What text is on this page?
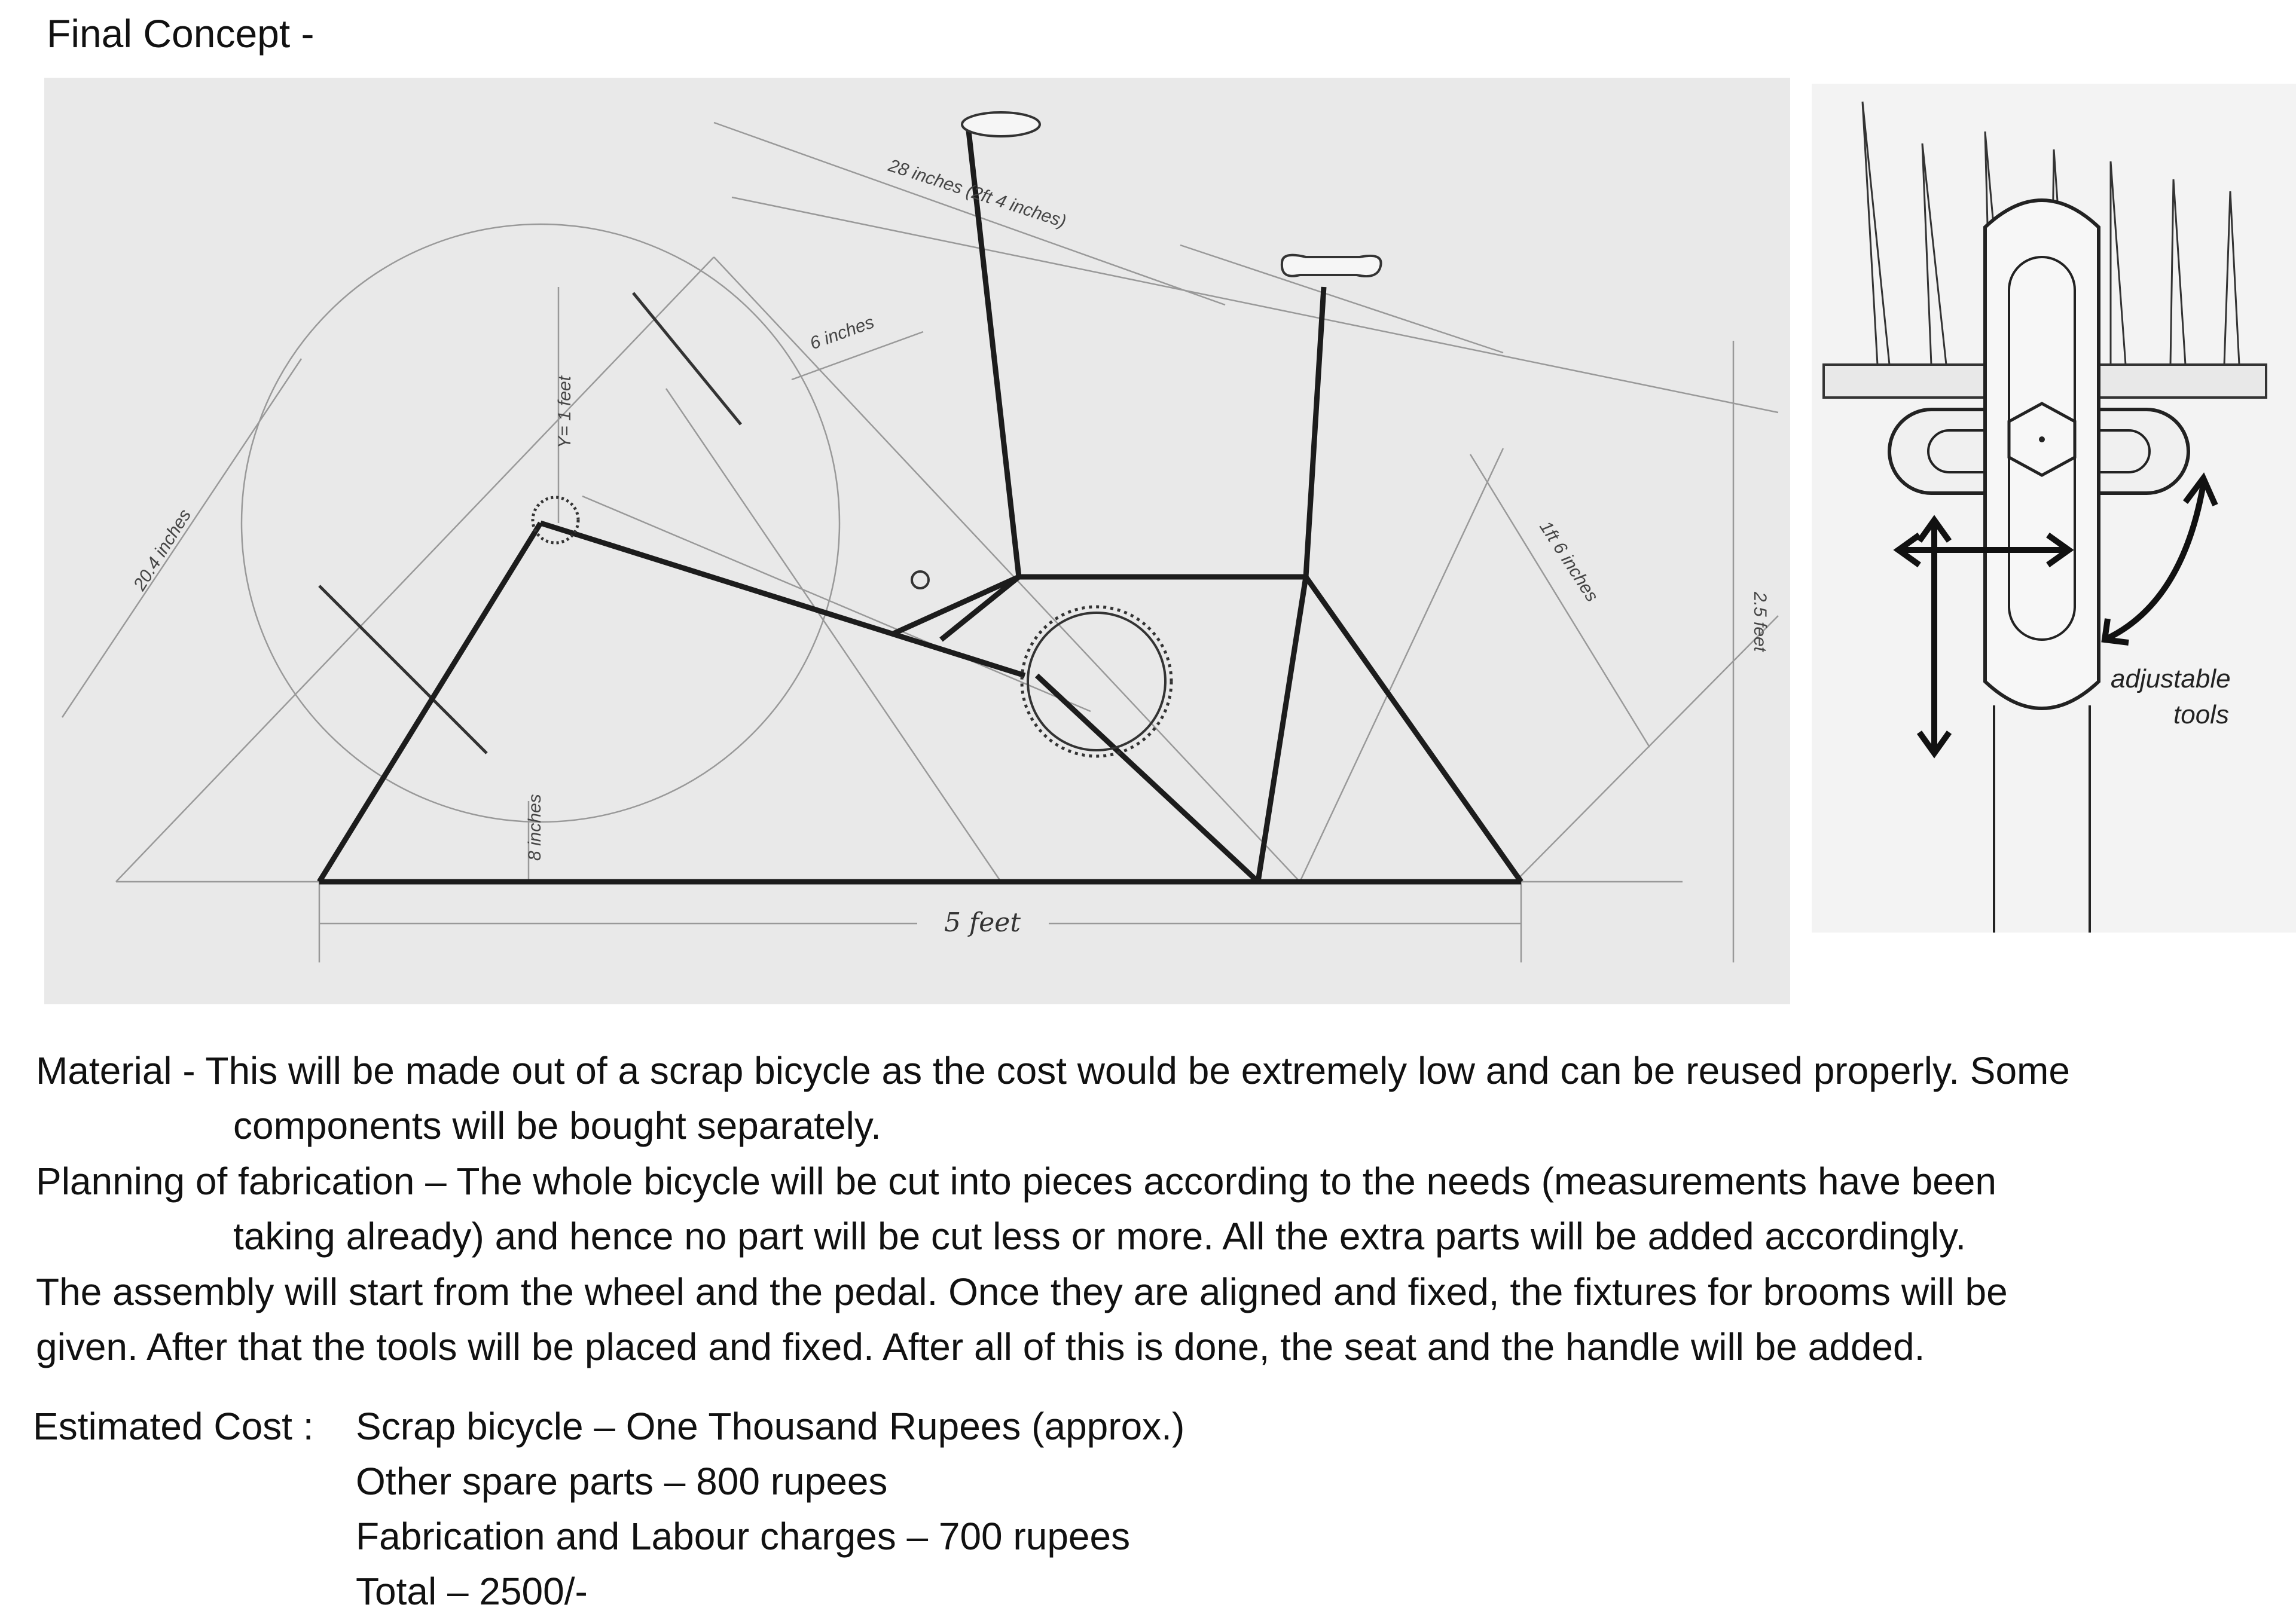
Final Concept -
28 inches (2ft 4 inches)
6 inches
Y= 1 feet
20.4 inches	1ft 6 inches
2.5 feet
8 inches
5 feet
adjustable
tools
Material - This will be made out of a scrap bicycle as the cost would be extremely low and can be reused properly. Some
components will be bought separately.
Planning of fabrication – The whole bicycle will be cut into pieces according to the needs (measurements have been
taking already) and hence no part will be cut less or more. All the extra parts will be added accordingly.
The assembly will start from the wheel and the pedal. Once they are aligned and fixed, the fixtures for brooms will be
given. After that the tools will be placed and fixed. After all of this is done, the seat and the handle will be added.
Estimated Cost :	Scrap bicycle – One Thousand Rupees (approx.)
Other spare parts – 800 rupees
Fabrication and Labour charges – 700 rupees
Total – 2500/-
